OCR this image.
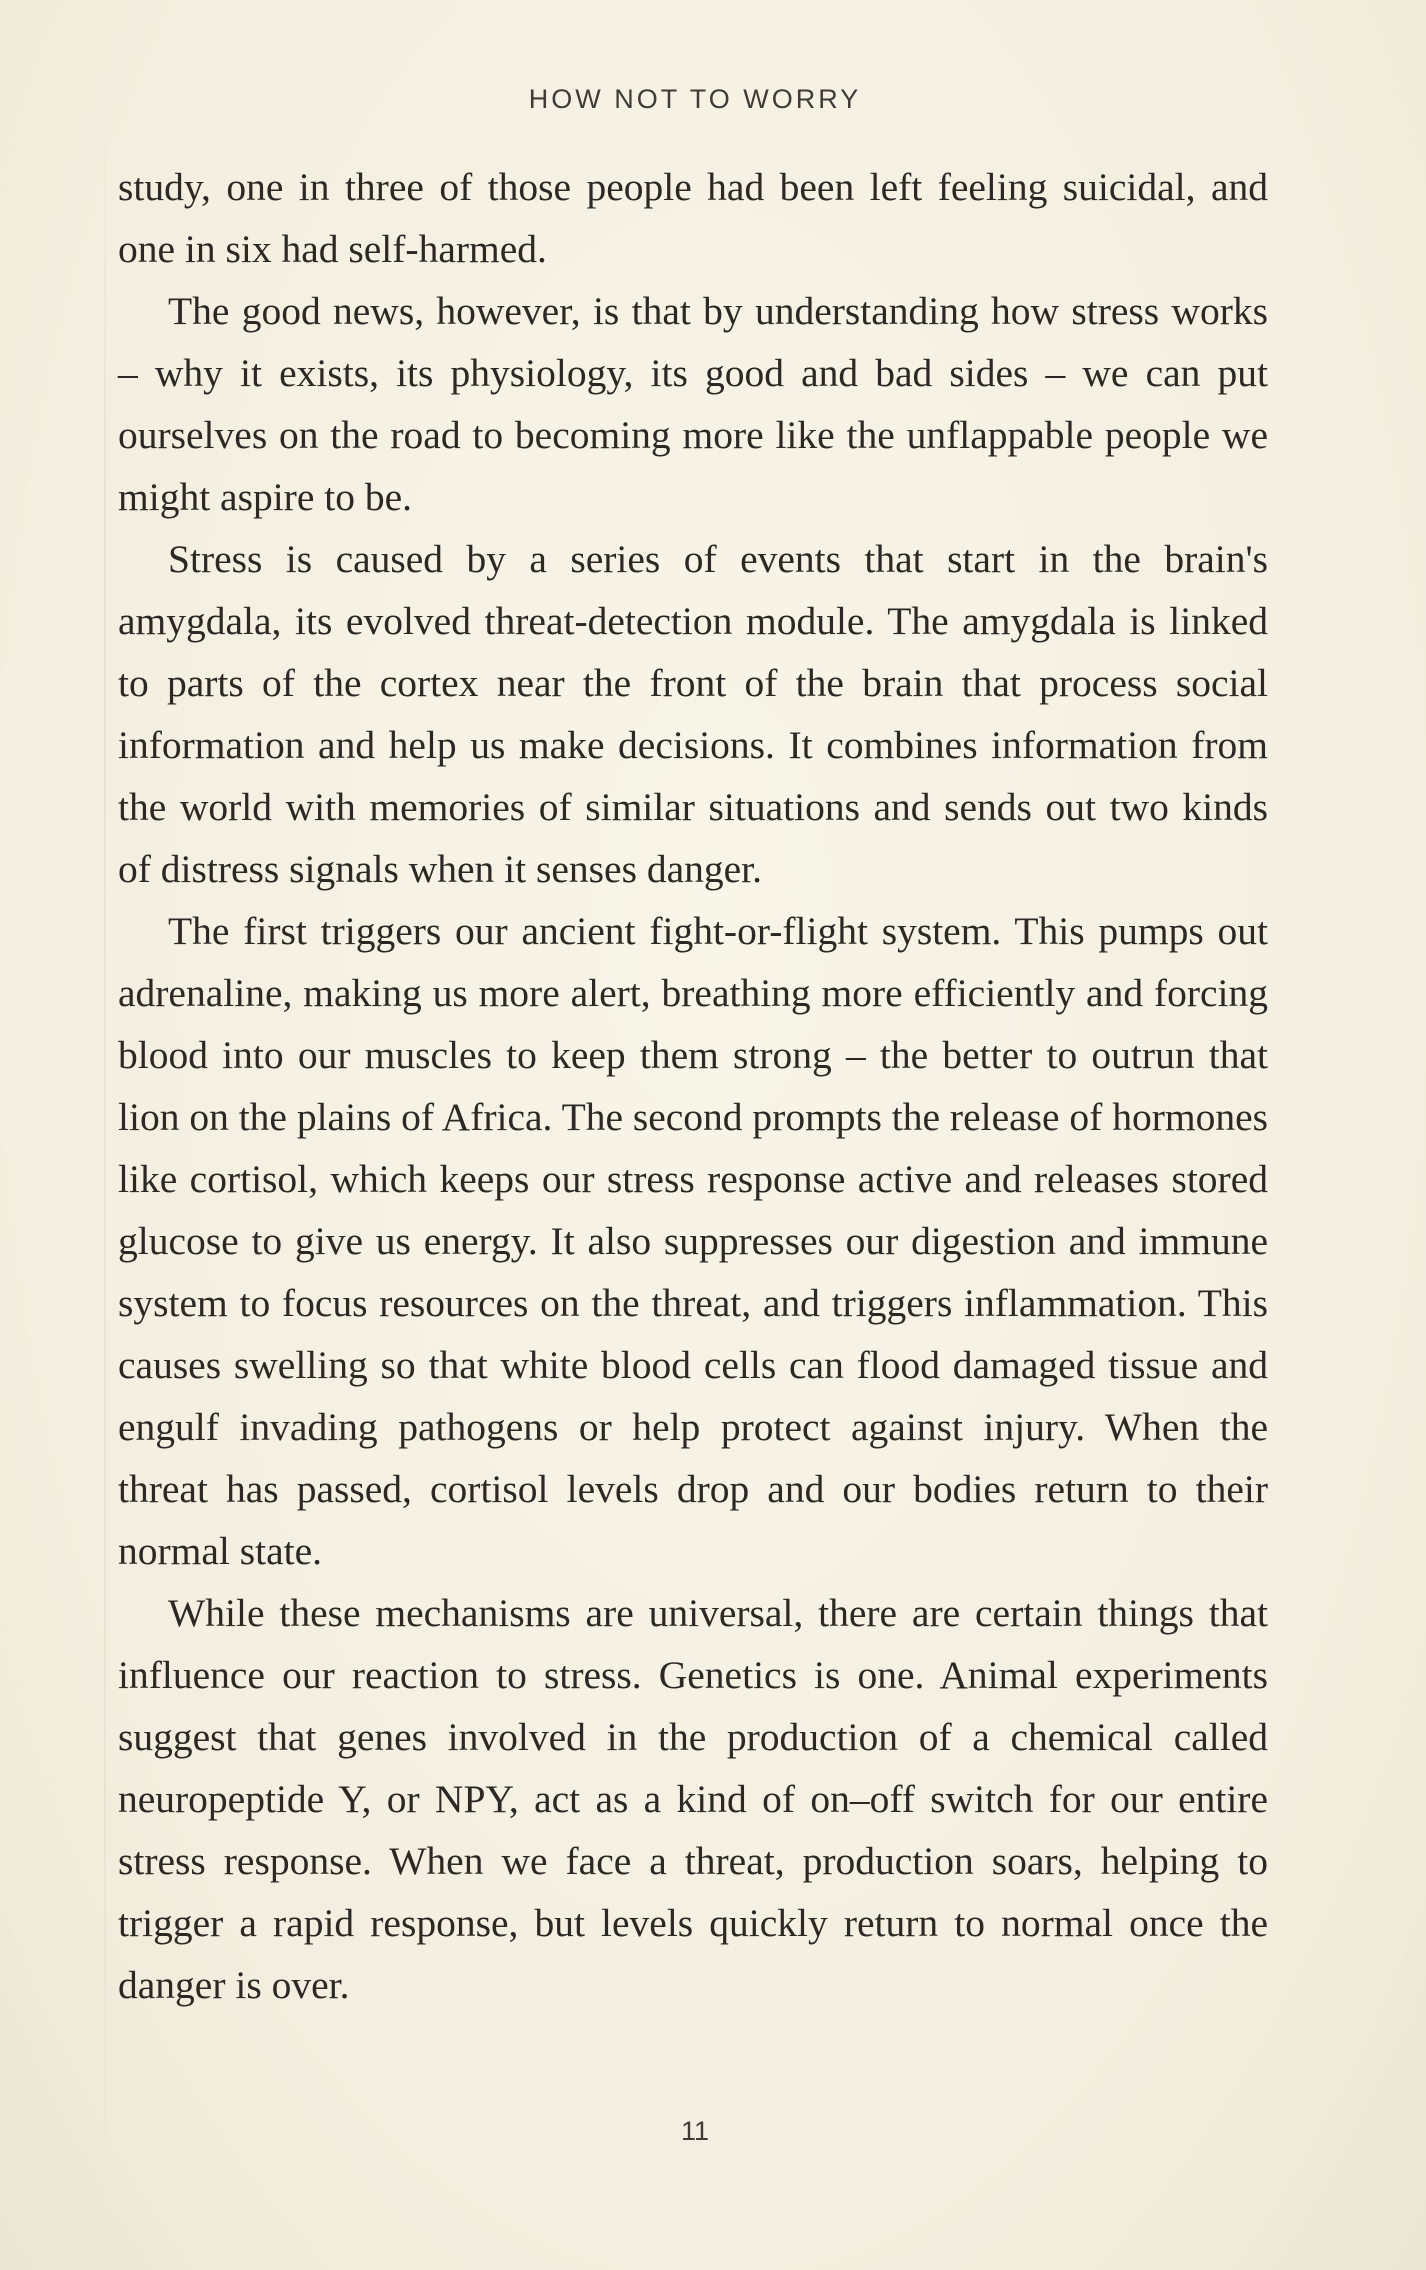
HOW NOT TO WORRY

study, one in three of those people had been left feeling suicidal, and one in six had self-harmed.

The good news, however, is that by understanding how stress works – why it exists, its physiology, its good and bad sides – we can put ourselves on the road to becoming more like the unflappable people we might aspire to be.

Stress is caused by a series of events that start in the brain's amygdala, its evolved threat-detection module. The amygdala is linked to parts of the cortex near the front of the brain that process social information and help us make decisions. It combines information from the world with memories of similar situations and sends out two kinds of distress signals when it senses danger.

The first triggers our ancient fight-or-flight system. This pumps out adrenaline, making us more alert, breathing more efficiently and forcing blood into our muscles to keep them strong – the better to outrun that lion on the plains of Africa. The second prompts the release of hormones like cortisol, which keeps our stress response active and releases stored glucose to give us energy. It also suppresses our digestion and immune system to focus resources on the threat, and triggers inflammation. This causes swelling so that white blood cells can flood damaged tissue and engulf invading pathogens or help protect against injury. When the threat has passed, cortisol levels drop and our bodies return to their normal state.

While these mechanisms are universal, there are certain things that influence our reaction to stress. Genetics is one. Animal experiments suggest that genes involved in the production of a chemical called neuropeptide Y, or NPY, act as a kind of on–off switch for our entire stress response. When we face a threat, production soars, helping to trigger a rapid response, but levels quickly return to normal once the danger is over.

11
